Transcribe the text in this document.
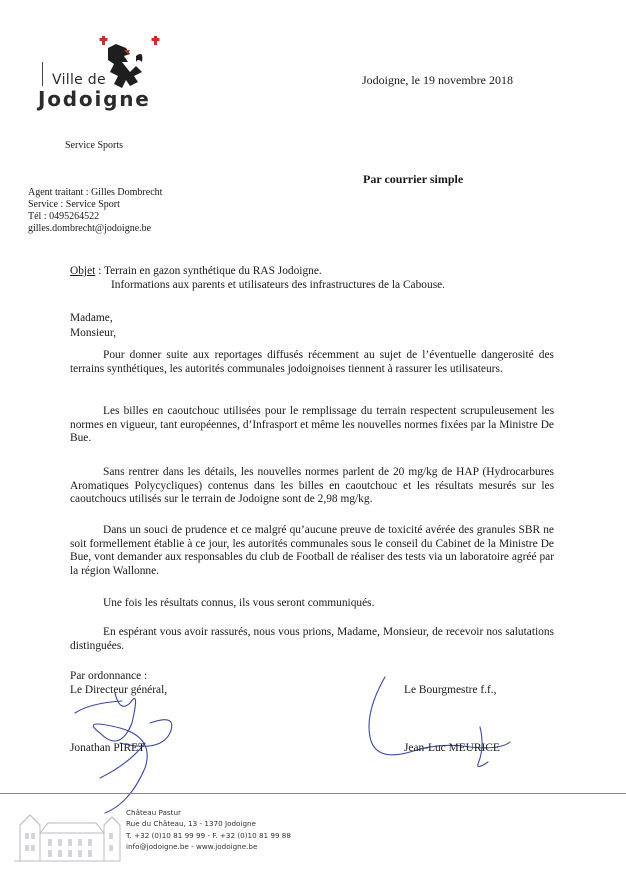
Ville de
Jodoigne
Jodoigne, le 19 novembre 2018
Service Sports
Par courrier simple
Agent traitant : Gilles Dombrecht
Service : Service Sport
Tél : 0495264522
gilles.dombrecht@jodoigne.be
Objet : Terrain en gazon synthétique du RAS Jodoigne.
Informations aux parents et utilisateurs des infrastructures de la Cabouse.
Madame,
Monsieur,
Pour donner suite aux reportages diffusés récemment au sujet de l’éventuelle dangerosité des terrains synthétiques, les autorités communales jodoignoises tiennent à rassurer les utilisateurs.
Les billes en caoutchouc utilisées pour le remplissage du terrain respectent scrupuleusement les normes en vigueur, tant européennes, d’Infrasport et même les nouvelles normes fixées par la Ministre De Bue.
Sans rentrer dans les détails, les nouvelles normes parlent de 20 mg/kg de HAP (Hydrocarbures Aromatiques Polycycliques) contenus dans les billes en caoutchouc et les résultats mesurés sur les caoutchoucs utilisés sur le terrain de Jodoigne sont de 2,98 mg/kg.
Dans un souci de prudence et ce malgré qu’aucune preuve de toxicité avérée des granules SBR ne soit formellement établie à ce jour, les autorités communales sous le conseil du Cabinet de la Ministre De Bue, vont demander aux responsables du club de Football de réaliser des tests via un laboratoire agréé par la région Wallonne.
Une fois les résultats connus, ils vous seront communiqués.
En espérant vous avoir rassurés, nous vous prions, Madame, Monsieur, de recevoir nos salutations distinguées.
Par ordonnance :
Le Directeur général,	Le Bourgmestre f.f.,
Jonathan PIRET	Jean-Luc MEURICE
Château Pastur
Rue du Château, 13 - 1370 Jodoigne
T. +32 (0)10 81 99 99 - F. +32 (0)10 81 99 88
info@jodoigne.be - www.jodoigne.be
